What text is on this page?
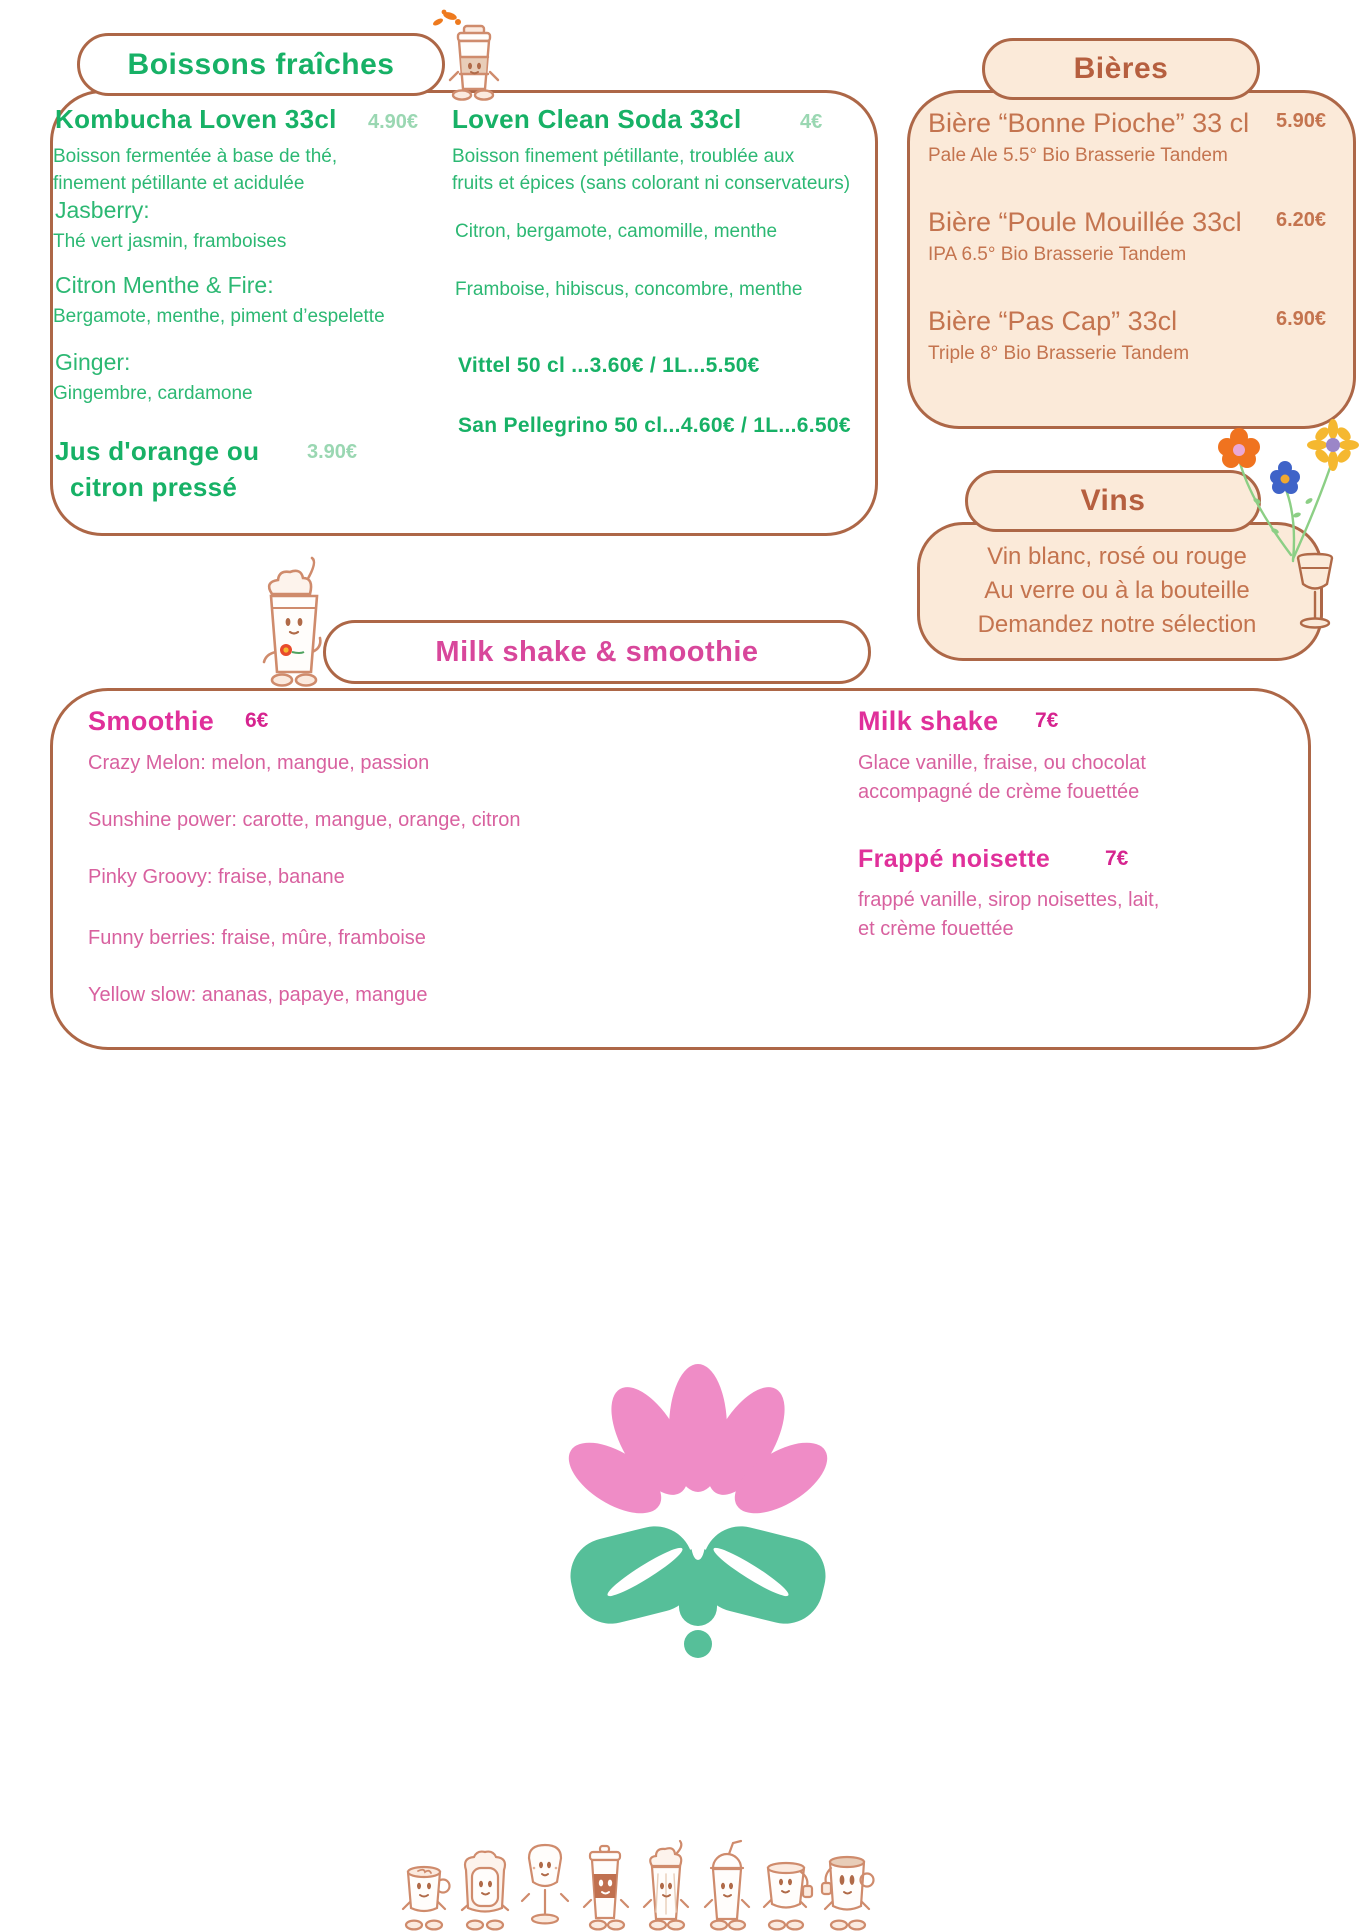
Boissons fraîches
Kombucha Loven 33cl 4.90€
Boisson fermentée à base de thé,
finement pétillante et acidulée
Jasberry:
Thé vert jasmin, framboises
Citron Menthe & Fire:
Bergamote, menthe, piment d’espelette
Ginger:
Gingembre, cardamone
Jus d'orange ou
citron pressé
3.90€
Loven Clean Soda 33cl	4€
Boisson finement pétillante, troublée aux
fruits et épices (sans colorant ni conservateurs)
Citron, bergamote, camomille, menthe
Framboise, hibiscus, concombre, menthe
Vittel 50 cl ...3.60€ / 1L...5.50€
San Pellegrino 50 cl...4.60€ / 1L...6.50€
Bières
Bière “Bonne Pioche” 33 cl 5.90€
Pale Ale 5.5° Bio Brasserie Tandem
Bière “Poule Mouillée 33cl 6.20€
IPA 6.5° Bio Brasserie Tandem
Bière “Pas Cap” 33cl	6.90€
Triple 8° Bio Brasserie Tandem
Vins
Vin blanc, rosé ou rouge
Au verre ou à la bouteille
Demandez notre sélection
Milk shake & smoothie
Smoothie 6€
Crazy Melon: melon, mangue, passion
Sunshine power: carotte, mangue, orange, citron
Pinky Groovy: fraise, banane
Funny berries: fraise, mûre, framboise
Yellow slow: ananas, papaye, mangue
Milk shake 7€
Glace vanille, fraise, ou chocolat
accompagné de crème fouettée
Frappé noisette	7€
frappé vanille, sirop noisettes, lait,
et crème fouettée
